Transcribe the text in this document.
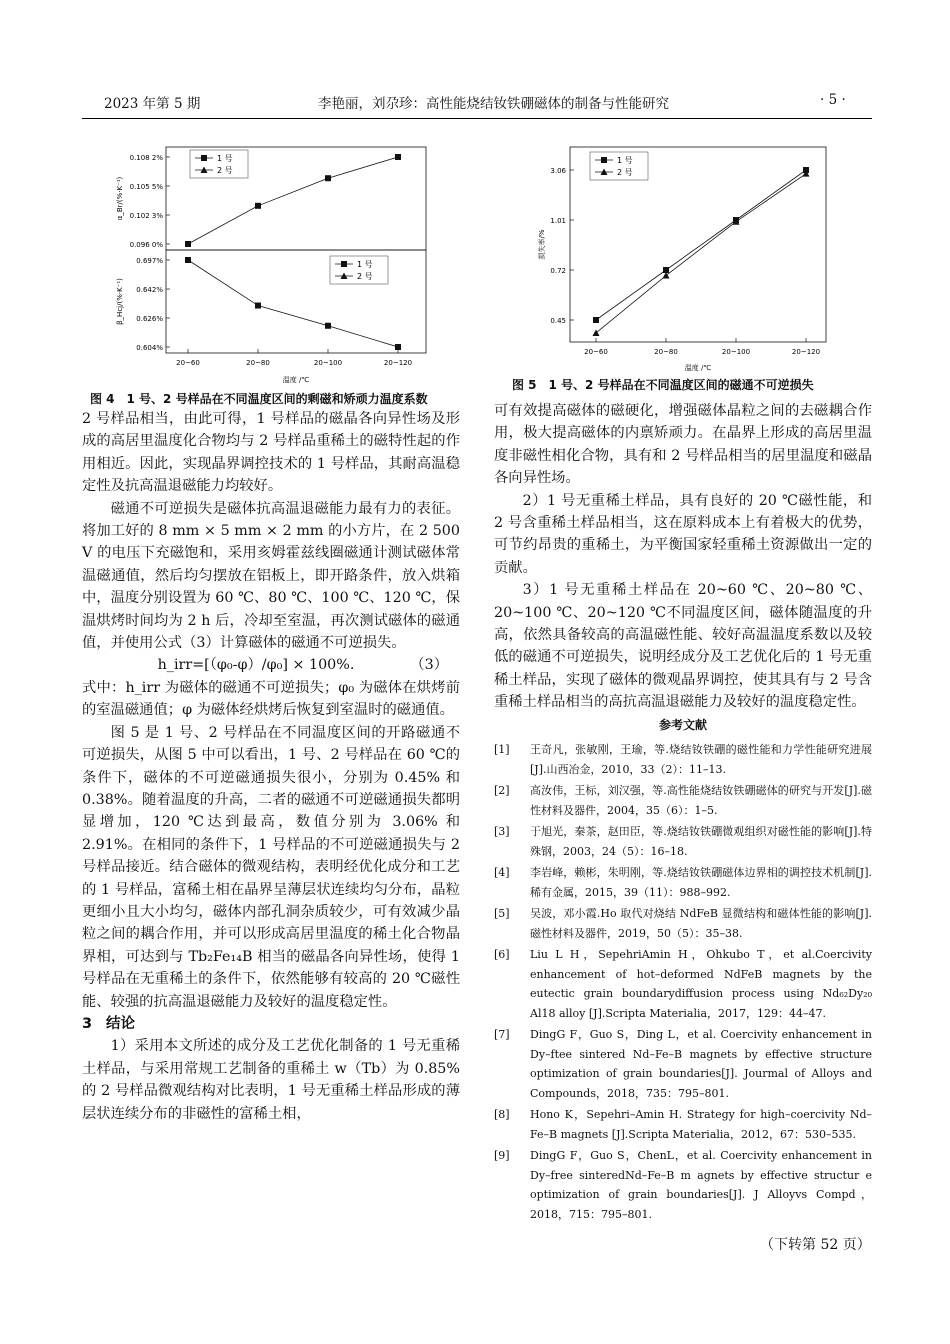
2023 年第 5 期	李艳丽，刘尕珍：高性能烧结钕铁硼磁体的制备与性能研究	· 5 ·
0.096 0%
0.102 3%
0.105 5%
0.108 2%
α_Br/(%·K⁻¹)
0.604%
0.626%
0.642%
0.697%
β_Hcj/(%·K⁻¹)
1 号
2 号
1 号
2 号
20~60	20~80	20~100	20~120
温度 /℃
图 4　1 号、2 号样品在不同温度区间的剩磁和矫顽力温度系数
0.45
0.72
1.01
3.06
损失率/%
1 号
2 号
20~60	20~80	20~100	20~120
温度 /℃
图 5　1 号、2 号样品在不同温度区间的磁通不可逆损失

2 号样品相当，由此可得，1 号样品的磁晶各向异性场及形成的高居里温度化合物均与 2 号样品重稀土的磁特性起的作用相近。因此，实现晶界调控技术的 1 号样品，其耐高温稳定性及抗高温退磁能力均较好。

磁通不可逆损失是磁体抗高温退磁能力最有力的表征。将加工好的 8 mm × 5 mm × 2 mm 的小方片，在 2 500 V 的电压下充磁饱和，采用亥姆霍兹线圈磁通计测试磁体常温磁通值，然后均匀摆放在铝板上，即开路条件，放入烘箱中，温度分别设置为 60 ℃、80 ℃、100 ℃、120 ℃，保温烘烤时间均为 2 h 后，冷却至室温，再次测试磁体的磁通值，并使用公式（3）计算磁体的磁通不可逆损失。

h_irr=[（φ₀-φ）/φ₀] × 100%.	（3）

式中：h_irr 为磁体的磁通不可逆损失；φ₀ 为磁体在烘烤前的室温磁通值；φ 为磁体经烘烤后恢复到室温时的磁通值。

图 5 是 1 号、2 号样品在不同温度区间的开路磁通不可逆损失，从图 5 中可以看出，1 号、2 号样品在 60 ℃的条件下，磁体的不可逆磁通损失很小，分别为 0.45% 和 0.38%。随着温度的升高，二者的磁通不可逆磁通损失都明显增加，120 ℃达到最高，数值分别为 3.06% 和 2.91%。在相同的条件下，1 号样品的不可逆磁通损失与 2 号样品接近。结合磁体的微观结构，表明经优化成分和工艺的 1 号样品，富稀土相在晶界呈薄层状连续均匀分布，晶粒更细小且大小均匀，磁体内部孔洞杂质较少，可有效减少晶粒之间的耦合作用，并可以形成高居里温度的稀土化合物晶界相，可达到与 Tb₂Fe₁₄B 相当的磁晶各向异性场，使得 1 号样品在无重稀土的条件下，依然能够有较高的 20 ℃磁性能、较强的抗高温退磁能力及较好的温度稳定性。

3 结论

1）采用本文所述的成分及工艺优化制备的 1 号无重稀土样品，与采用常规工艺制备的重稀土 w（Tb）为 0.85% 的 2 号样品微观结构对比表明，1 号无重稀土样品形成的薄层状连续分布的非磁性的富稀土相，

可有效提高磁体的磁硬化，增强磁体晶粒之间的去磁耦合作用，极大提高磁体的内禀矫顽力。在晶界上形成的高居里温度非磁性相化合物，具有和 2 号样品相当的居里温度和磁晶各向异性场。

2）1 号无重稀土样品，具有良好的 20 ℃磁性能，和 2 号含重稀土样品相当，这在原料成本上有着极大的优势，可节约昂贵的重稀土，为平衡国家轻重稀土资源做出一定的贡献。

3）1 号无重稀土样品在 20~60 ℃、20~80 ℃、20~100 ℃、20~120 ℃不同温度区间，磁体随温度的升高，依然具备较高的高温磁性能、较好高温温度系数以及较低的磁通不可逆损失，说明经成分及工艺优化后的 1 号无重稀土样品，实现了磁体的微观晶界调控，使其具有与 2 号含重稀土样品相当的高抗高温退磁能力及较好的温度稳定性。

参考文献
[1]	王奇凡，张敏刚，王瑜，等.烧结钕铁硼的磁性能和力学性能研究进展[J].山西冶金，2010，33（2）：11–13.
[2]	高汝伟，王标，刘汉强，等.高性能烧结钕铁硼磁体的研究与开发[J].磁性材料及器件，2004，35（6）：1–5.
[3]	于旭光，秦茶，赵田臣，等.烧结钕铁硼微观组织对磁性能的影响[J].特殊钢，2003，24（5）：16–18.
[4]	李岩峰，赖彬，朱明刚，等.烧结钕铁硼磁体边界相的调控技术机制[J].稀有金属，2015，39（11）：988–992.
[5]	吴波，邓小霞.Ho 取代对烧结 NdFeB 显微结构和磁体性能的影响[J].磁性材料及器件，2019，50（5）：35–38.
[6]	Liu L H，SepehriAmin H，Ohkubo T，et al.Coercivity enhancement of hot–deformed NdFeB magnets by the eutectic grain boundarydiffusion process using Nd₆₂Dy₂₀ Al18 alloy [J].Scripta Materialia，2017，129：44–47.
[7]	DingG F，Guo S，Ding L，et al. Coercivity enhancement in Dy–ftee sintered Nd–Fe–B magnets by effective structure optimization of grain boundaries[J]. Jourmal of Alloys and Compounds，2018，735：795–801.
[8]	Hono K，Sepehri–Amin H. Strategy for high–coercivity Nd–Fe–B magnets [J].Scripta Materialia，2012，67：530–535.
[9]	DingG F，Guo S，ChenL，et al. Coercivity enhancement in Dy–free sinteredNd–Fe–B m agnets by effective structur e optimization of grain boundaries[J]. J Alloyvs Compd，2018，715：795–801.
（下转第 52 页）
